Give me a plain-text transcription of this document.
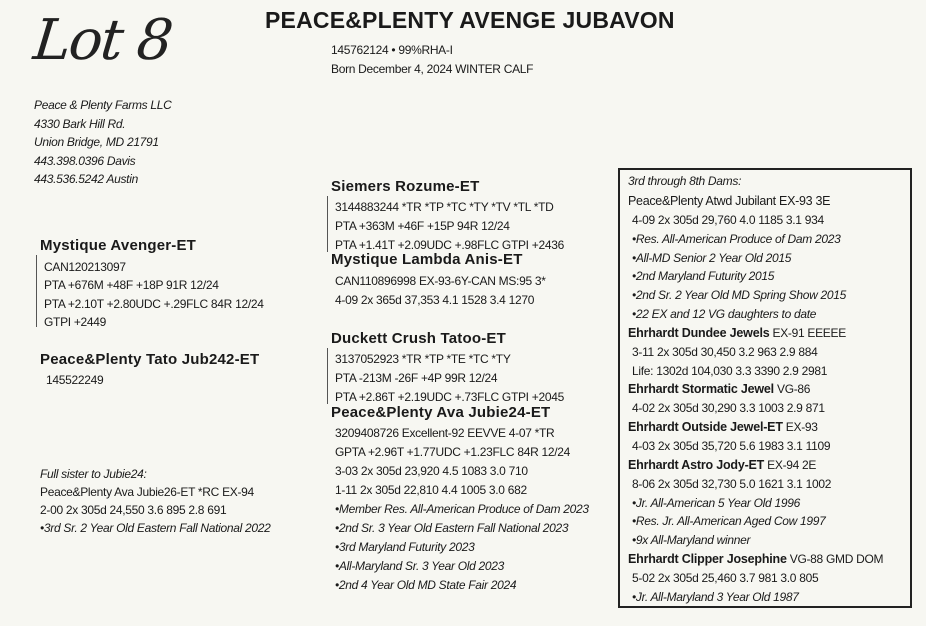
Lot 8	PEACE&PLENTY AVENGE JUBAVON
145762124 • 99%RHA-I
Born December 4, 2024 WINTER CALF
Peace & Plenty Farms LLC
4330 Bark Hill Rd.
Union Bridge, MD 21791
443.398.0396 Davis
443.536.5242 Austin
Mystique Avenger-ET
CAN120213097
PTA +676M +48F +18P 91R 12/24
PTA +2.10T +2.80UDC +.29FLC 84R 12/24
GTPI +2449
Peace&Plenty Tato Jub242-ET
145522249
Siemers Rozume-ET
3144883244 *TR *TP *TC *TY *TV *TL *TD
PTA +363M +46F +15P 94R 12/24
PTA +1.41T +2.09UDC +.98FLC GTPI +2436
Mystique Lambda Anis-ET
CAN110896998 EX-93-6Y-CAN MS:95 3*
4-09 2x 365d 37,353 4.1 1528 3.4 1270
Duckett Crush Tatoo-ET
3137052923 *TR *TP *TE *TC *TY
PTA -213M -26F +4P 99R 12/24
PTA +2.86T +2.19UDC +.73FLC GTPI +2045
Peace&Plenty Ava Jubie24-ET
3209408726 Excellent-92 EEVVE 4-07 *TR
GPTA +2.96T +1.77UDC +1.23FLC 84R 12/24
3-03 2x 305d 23,920 4.5 1083 3.0 710
1-11 2x 305d 22,810 4.4 1005 3.0 682
•Member Res. All-American Produce of Dam 2023
•2nd Sr. 3 Year Old Eastern Fall National 2023
•3rd Maryland Futurity 2023
•All-Maryland Sr. 3 Year Old 2023
•2nd 4 Year Old MD State Fair 2024
Full sister to Jubie24:
Peace&Plenty Ava Jubie26-ET *RC EX-94
2-00 2x 305d 24,550 3.6 895 2.8 691
•3rd Sr. 2 Year Old Eastern Fall National 2022
3rd through 8th Dams:
Peace&Plenty Atwd Jubilant EX-93 3E
4-09 2x 305d 29,760 4.0 1185 3.1 934
•Res. All-American Produce of Dam 2023
•All-MD Senior 2 Year Old 2015
•2nd Maryland Futurity 2015
•2nd Sr. 2 Year Old MD Spring Show 2015
•22 EX and 12 VG daughters to date
Ehrhardt Dundee Jewels EX-91 EEEEE
3-11 2x 305d 30,450 3.2 963 2.9 884
Life: 1302d 104,030 3.3 3390 2.9 2981
Ehrhardt Stormatic Jewel VG-86
4-02 2x 305d 30,290 3.3 1003 2.9 871
Ehrhardt Outside Jewel-ET EX-93
4-03 2x 305d 35,720 5.6 1983 3.1 1109
Ehrhardt Astro Jody-ET EX-94 2E
8-06 2x 305d 32,730 5.0 1621 3.1 1002
•Jr. All-American 5 Year Old 1996
•Res. Jr. All-American Aged Cow 1997
•9x All-Maryland winner
Ehrhardt Clipper Josephine VG-88 GMD DOM
5-02 2x 305d 25,460 3.7 981 3.0 805
•Jr. All-Maryland 3 Year Old 1987
